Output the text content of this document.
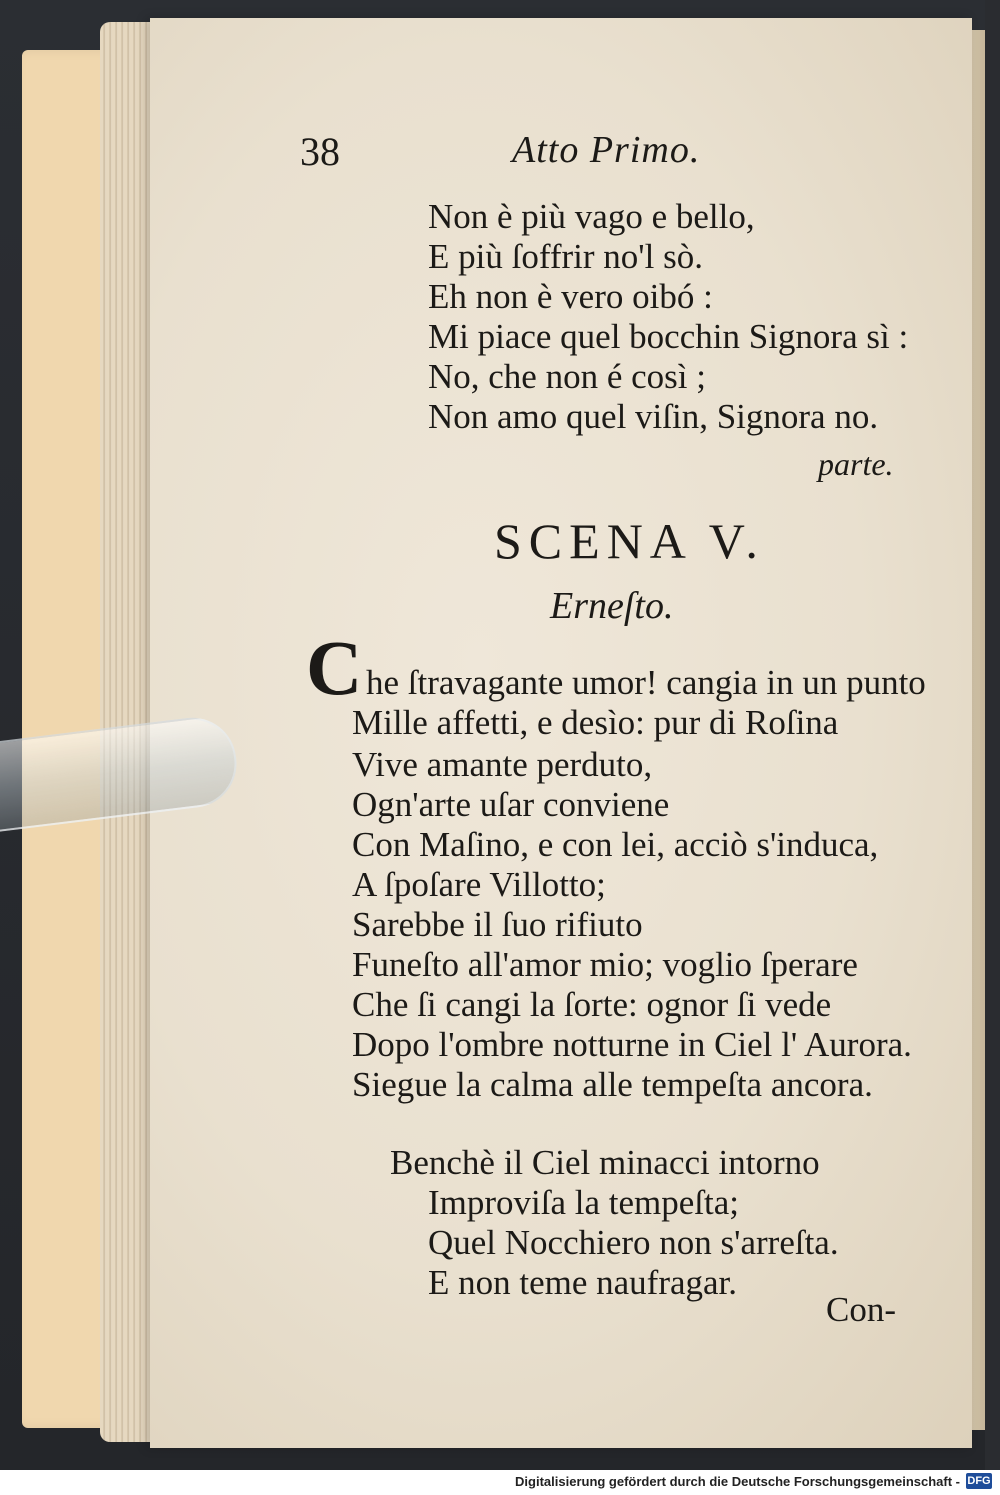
38	Atto Primo.
Non è più vago e bello,
E più ſoffrir no'l sò.
Eh non è vero oibó :
Mi piace quel bocchin Signora sì :
No, che non é così ;
Non amo quel viſin, Signora no.
parte.
SCENA V.
Erneſto.
C he ſtravagante umor! cangia in un punto
Mille affetti, e desìo: pur di Roſina
Vive amante perduto,
Ogn'arte uſar conviene
Con Maſino, e con lei, acciò s'induca,
A ſpoſare Villotto;
Sarebbe il ſuo rifiuto
Funeſto all'amor mio; voglio ſperare
Che ſi cangi la ſorte: ognor ſi vede
Dopo l'ombre notturne in Ciel l' Aurora.
Siegue la calma alle tempeſta ancora.
Benchè il Ciel minacci intorno
Improviſa la tempeſta;
Quel Nocchiero non s'arreſta.
E non teme naufragar.
Con-
Digitalisierung gefördert durch die Deutsche Forschungsgemeinschaft - DFG
